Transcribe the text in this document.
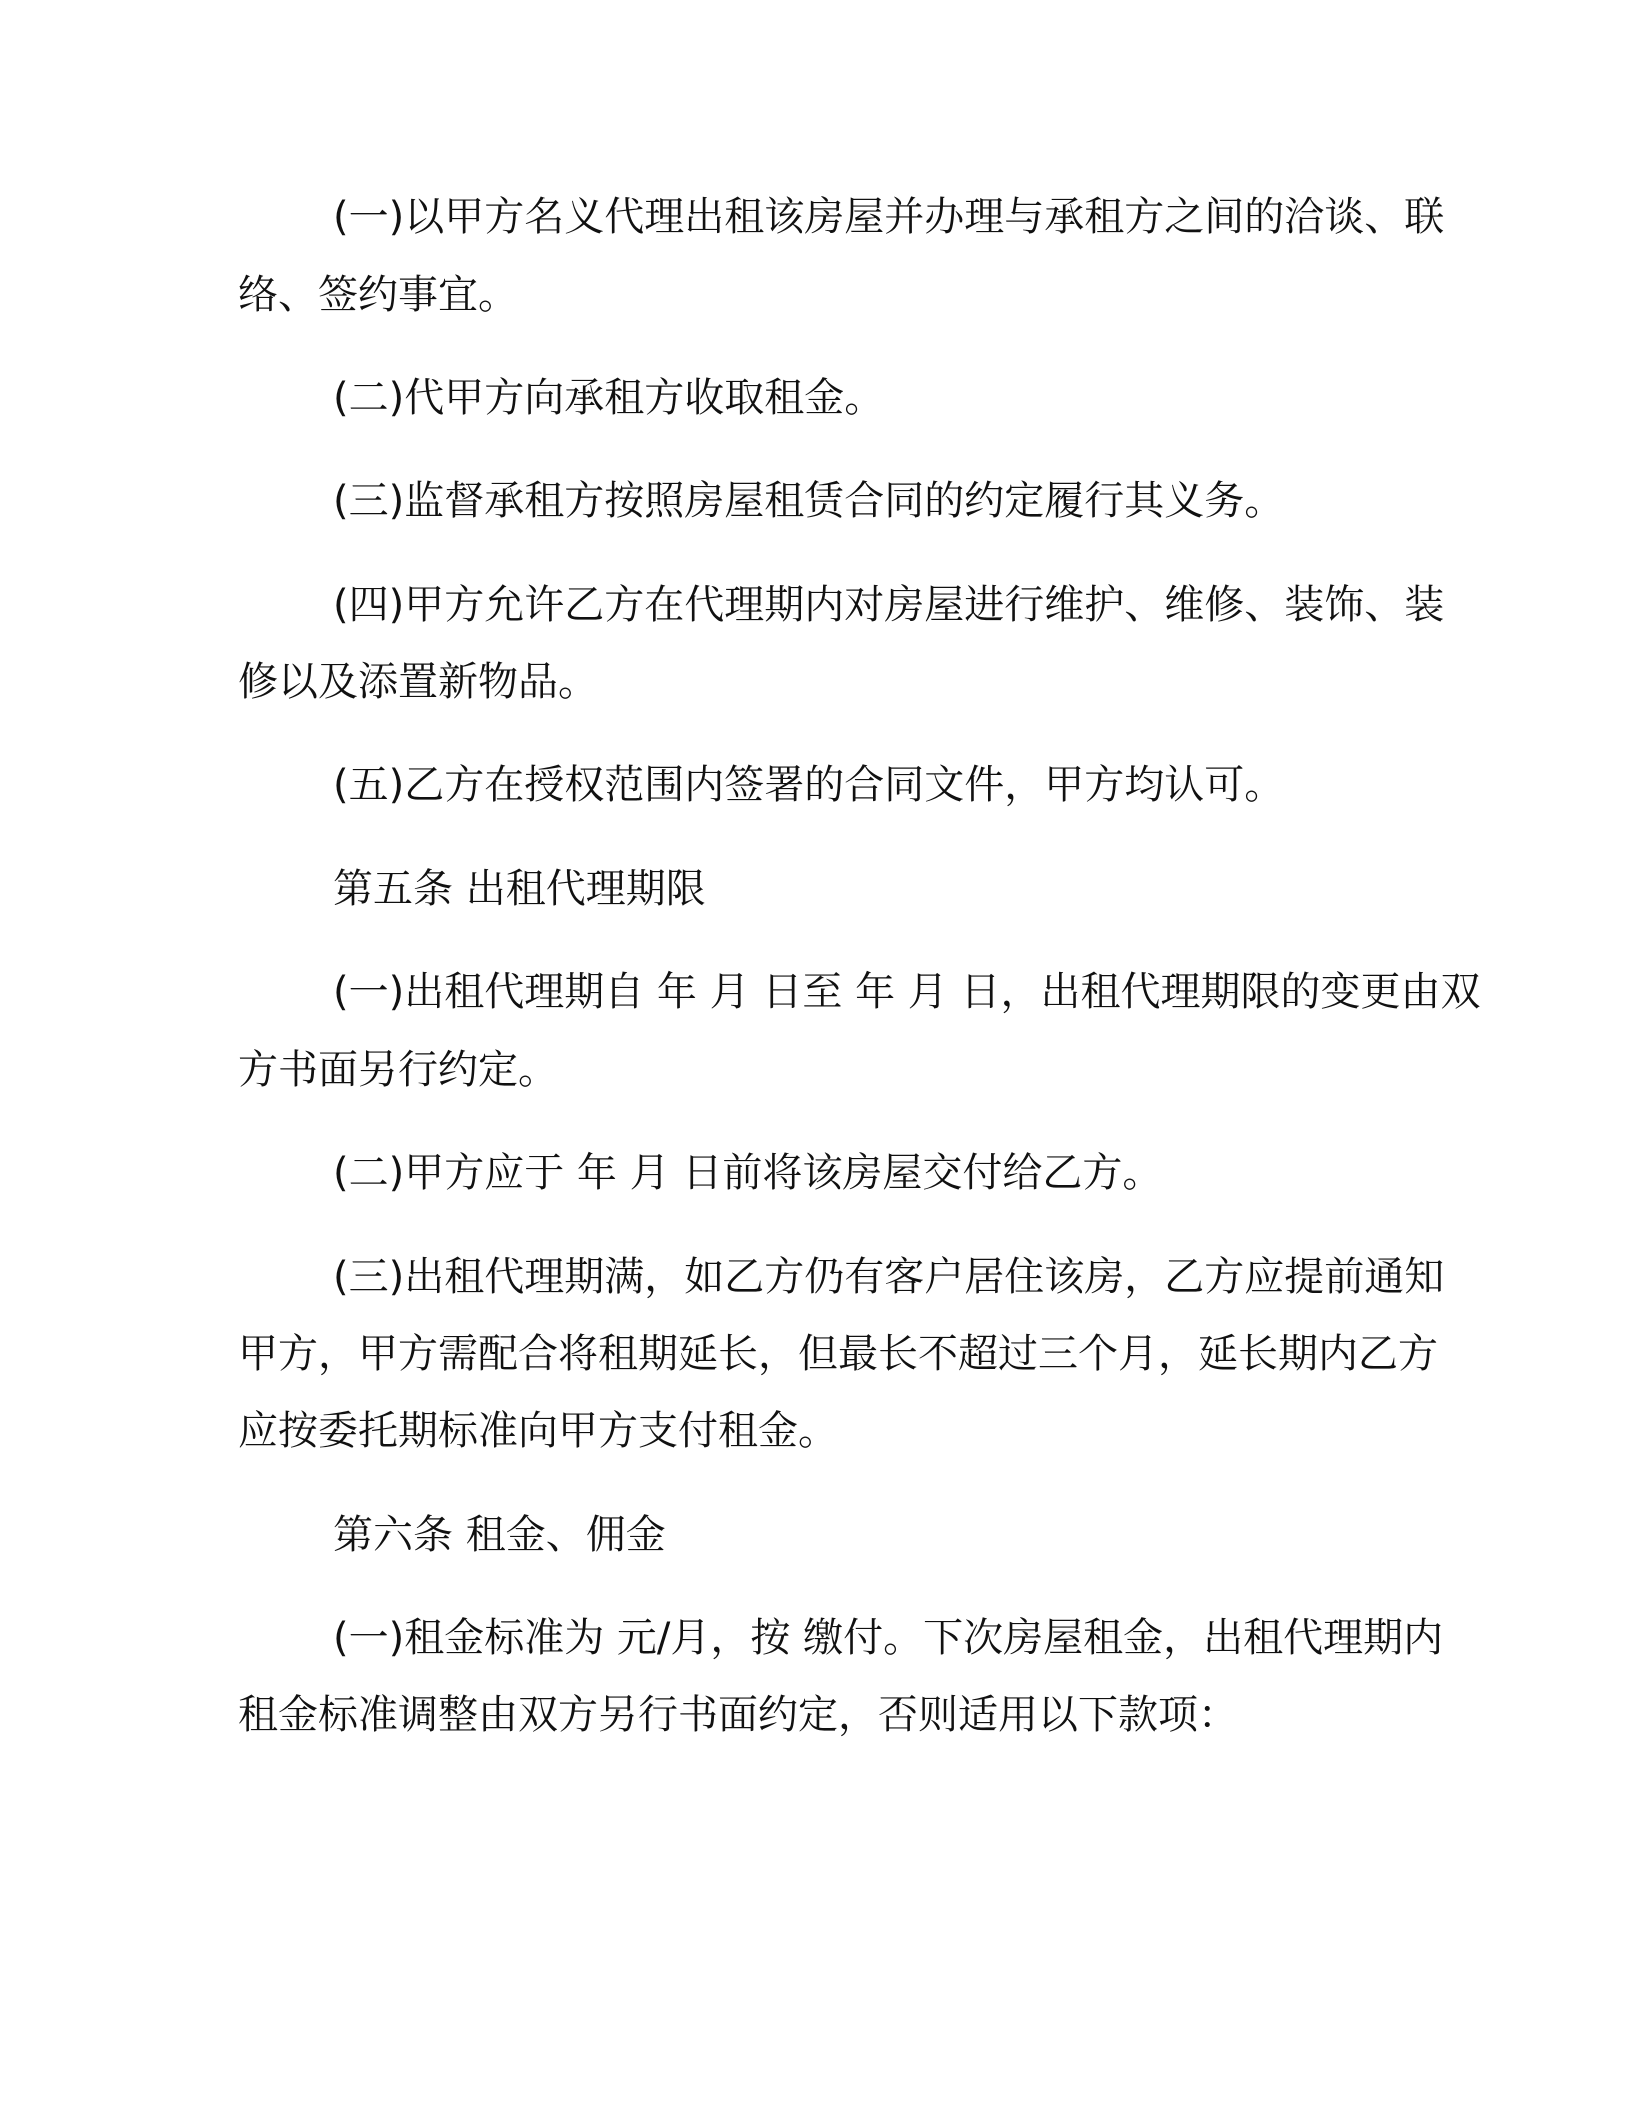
(一)以甲方名义代理出租该房屋并办理与承租方之间的洽谈、联

络、签约事宜。

(二)代甲方向承租方收取租金。

(三)监督承租方按照房屋租赁合同的约定履行其义务。

(四)甲方允许乙方在代理期内对房屋进行维护、维修、装饰、装

修以及添置新物品。

(五)乙方在授权范围内签署的合同文件，甲方均认可。

第五条 出租代理期限

(一)出租代理期自 年 月 日至 年 月 日，出租代理期限的变更由双

方书面另行约定。

(二)甲方应于 年 月 日前将该房屋交付给乙方。

(三)出租代理期满，如乙方仍有客户居住该房，乙方应提前通知

甲方，甲方需配合将租期延长，但最长不超过三个月，延长期内乙方

应按委托期标准向甲方支付租金。

第六条 租金、佣金

(一)租金标准为 元/月，按 缴付。下次房屋租金，出租代理期内

租金标准调整由双方另行书面约定，否则适用以下款项：
